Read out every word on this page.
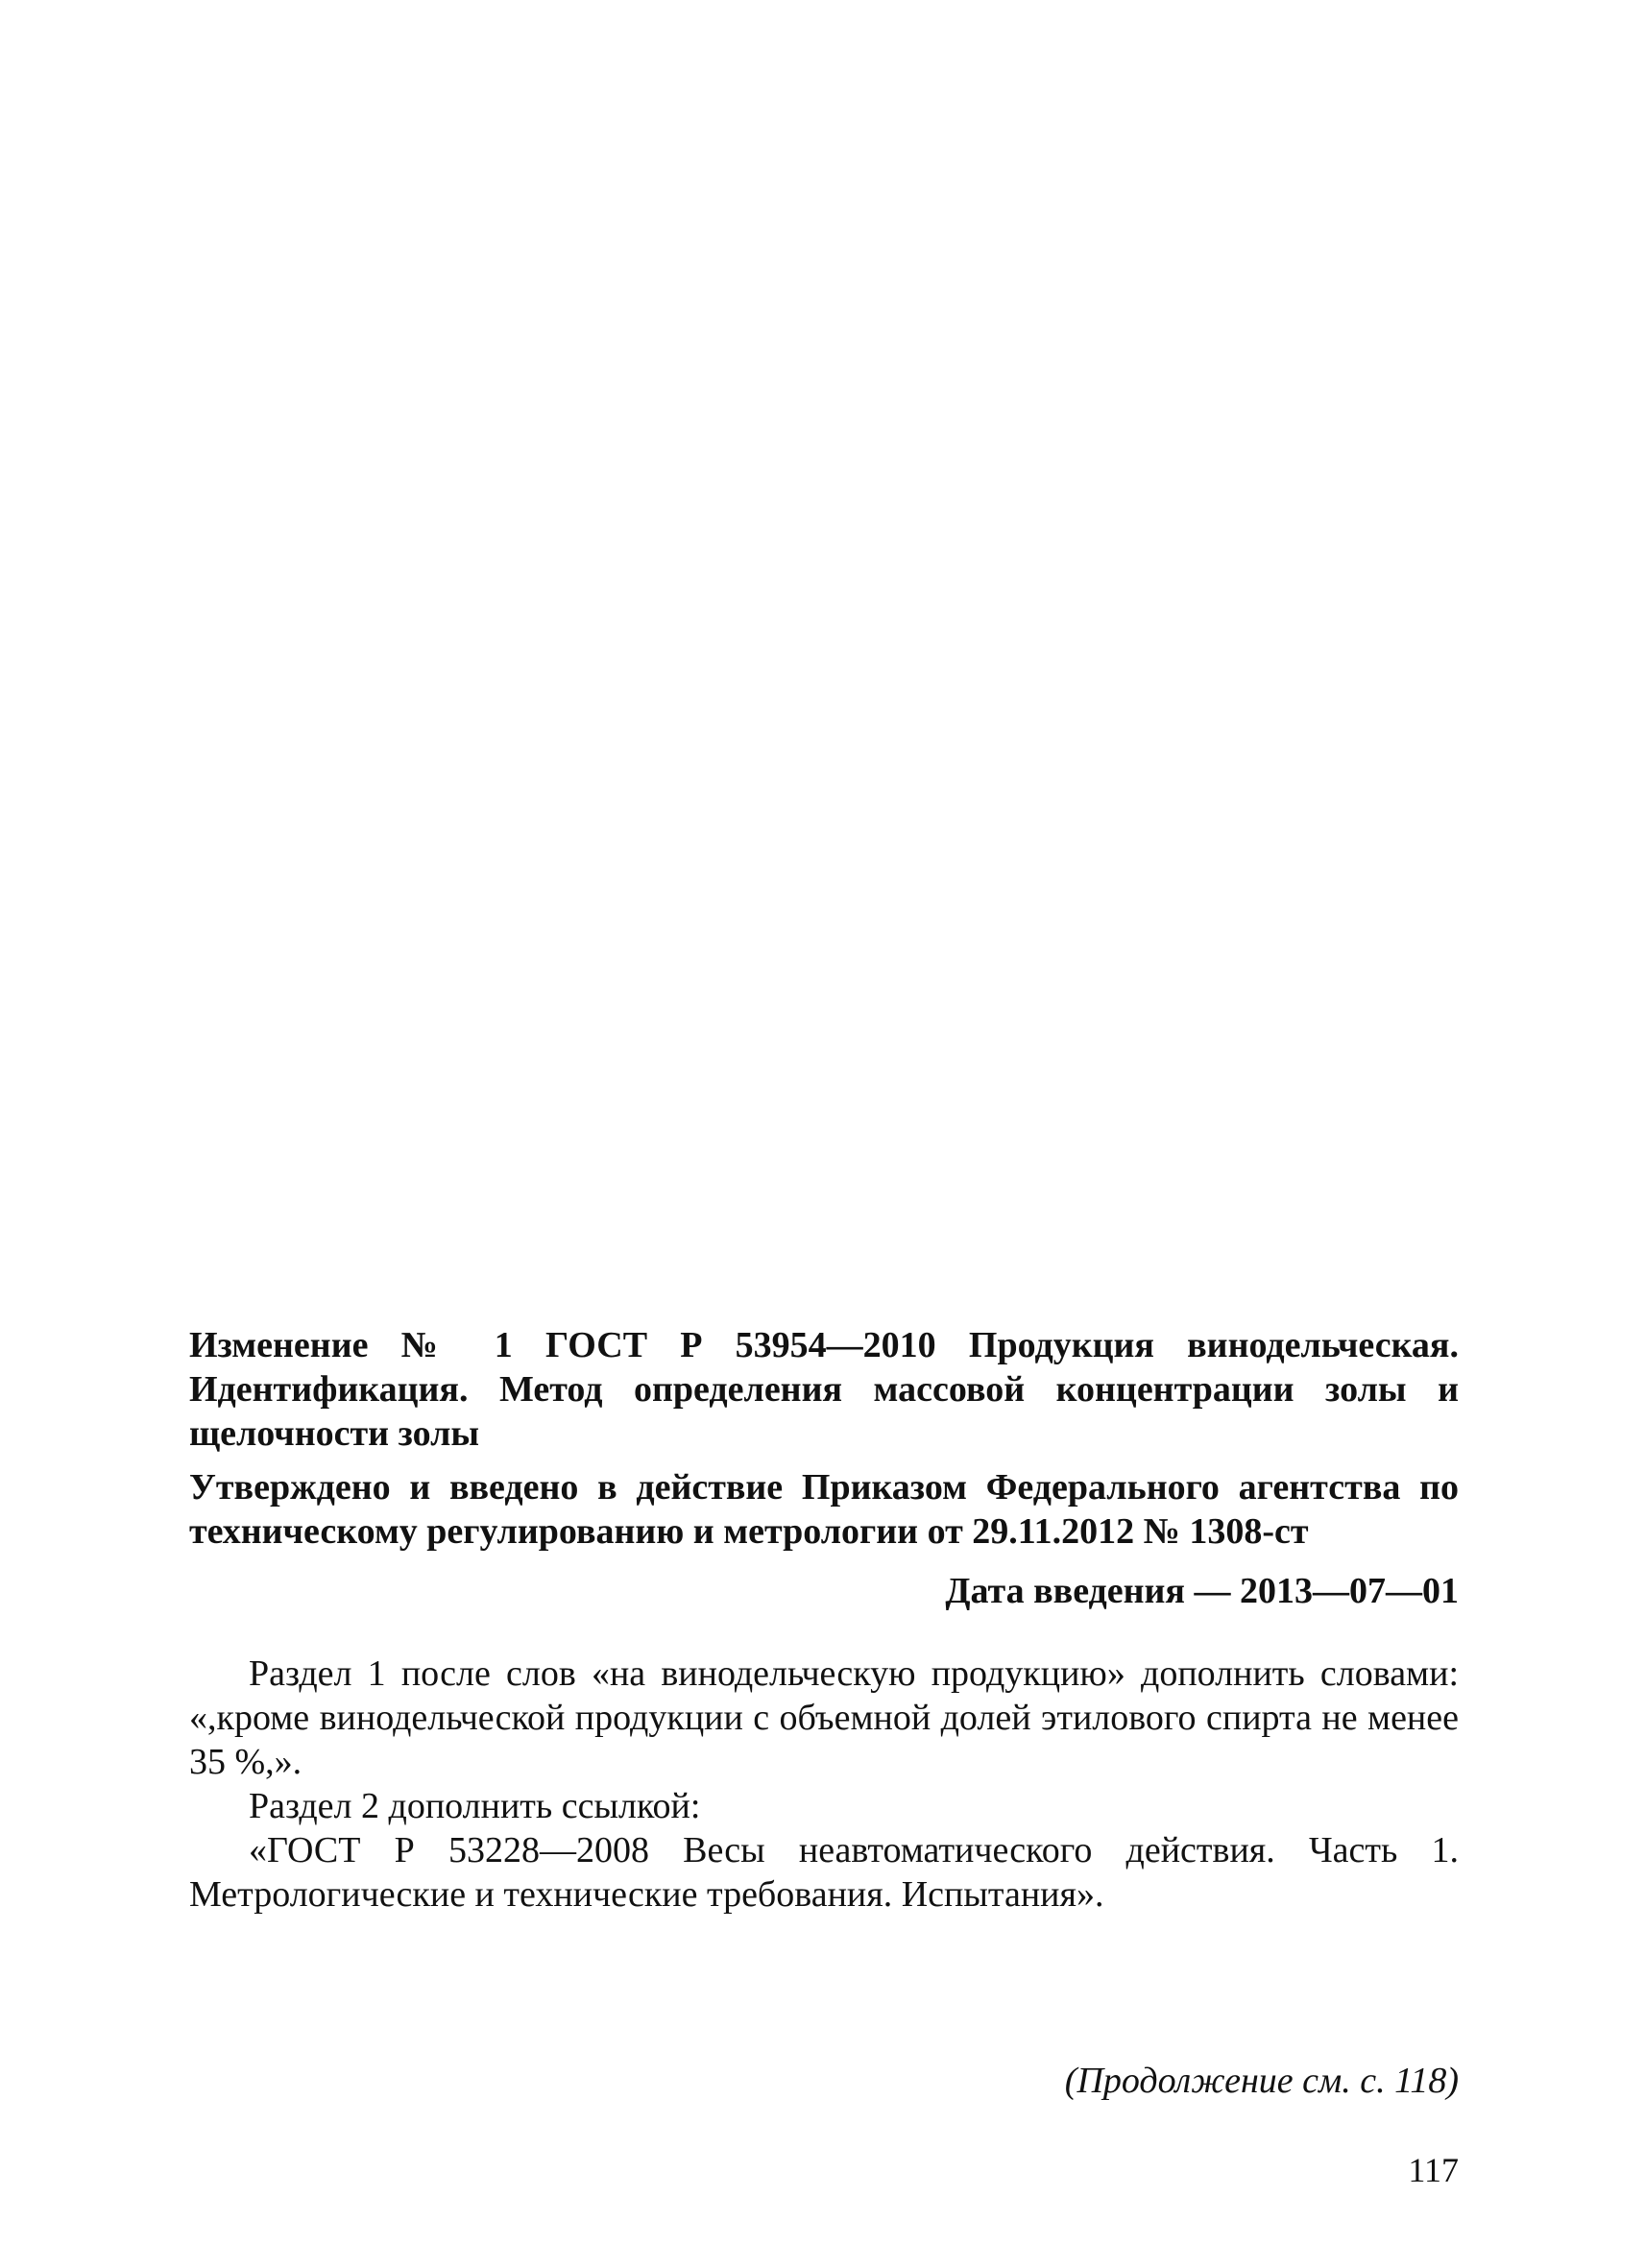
Изменение № 1 ГОСТ Р 53954—2010 Продукция винодельческая. Идентификация. Метод определения массовой концентрации золы и щелочности золы

Утверждено и введено в действие Приказом Федерального агентства по техническому регулированию и метрологии от 29.11.2012 № 1308-ст

Дата введения — 2013—07—01

Раздел 1 после слов «на винодельческую продукцию» дополнить словами: «,кроме винодельческой продукции с объемной долей этилового спирта не менее 35 %,».

Раздел 2 дополнить ссылкой:

«ГОСТ Р 53228—2008 Весы неавтоматического действия. Часть 1. Метрологические и технические требования. Испытания».

(Продолжение см. с. 118)
117
